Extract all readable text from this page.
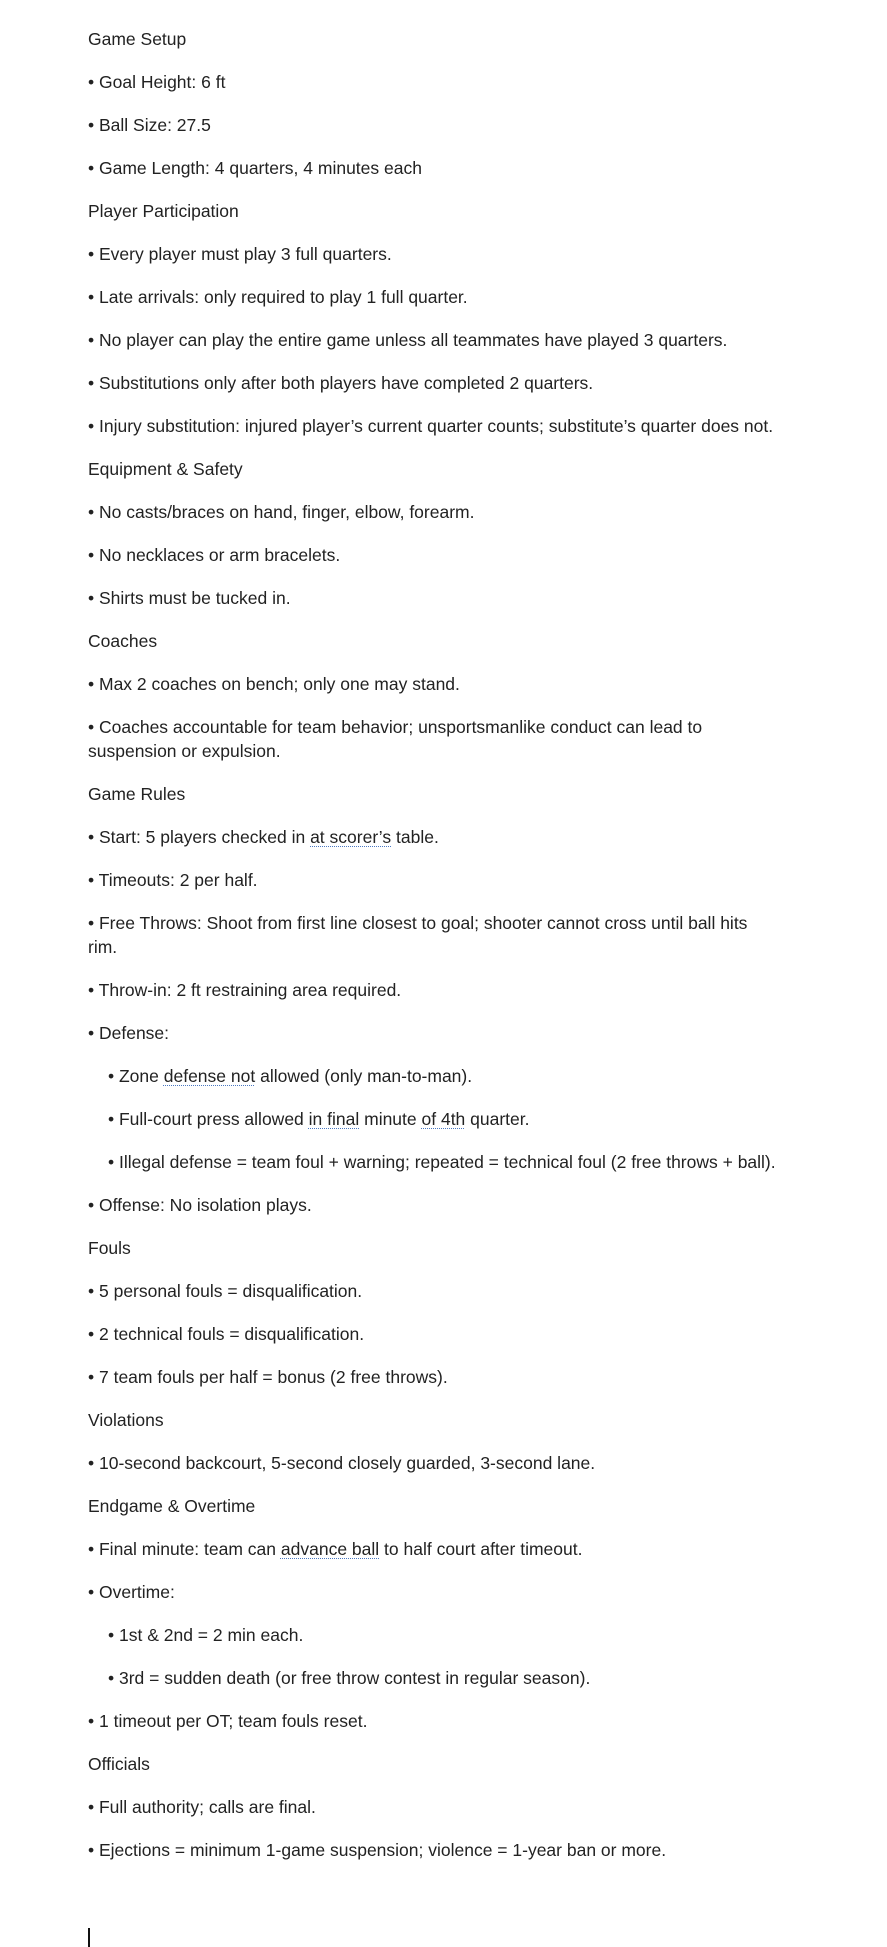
Game Setup

• Goal Height: 6 ft

• Ball Size: 27.5

• Game Length: 4 quarters, 4 minutes each

Player Participation

• Every player must play 3 full quarters.

• Late arrivals: only required to play 1 full quarter.

• No player can play the entire game unless all teammates have played 3 quarters.

• Substitutions only after both players have completed 2 quarters.

• Injury substitution: injured player’s current quarter counts; substitute’s quarter does not.

Equipment & Safety

• No casts/braces on hand, finger, elbow, forearm.

• No necklaces or arm bracelets.

• Shirts must be tucked in.

Coaches

• Max 2 coaches on bench; only one may stand.

• Coaches accountable for team behavior; unsportsmanlike conduct can lead to suspension or expulsion.

Game Rules

• Start: 5 players checked in at scorer’s table.

• Timeouts: 2 per half.

• Free Throws: Shoot from first line closest to goal; shooter cannot cross until ball hits rim.

• Throw-in: 2 ft restraining area required.

• Defense:

• Zone defense not allowed (only man-to-man).

• Full-court press allowed in final minute of 4th quarter.

• Illegal defense = team foul + warning; repeated = technical foul (2 free throws + ball).

• Offense: No isolation plays.

Fouls

• 5 personal fouls = disqualification.

• 2 technical fouls = disqualification.

• 7 team fouls per half = bonus (2 free throws).

Violations

• 10-second backcourt, 5-second closely guarded, 3-second lane.

Endgame & Overtime

• Final minute: team can advance ball to half court after timeout.

• Overtime:

• 1st & 2nd = 2 min each.

• 3rd = sudden death (or free throw contest in regular season).

• 1 timeout per OT; team fouls reset.

Officials

• Full authority; calls are final.

• Ejections = minimum 1-game suspension; violence = 1-year ban or more.
